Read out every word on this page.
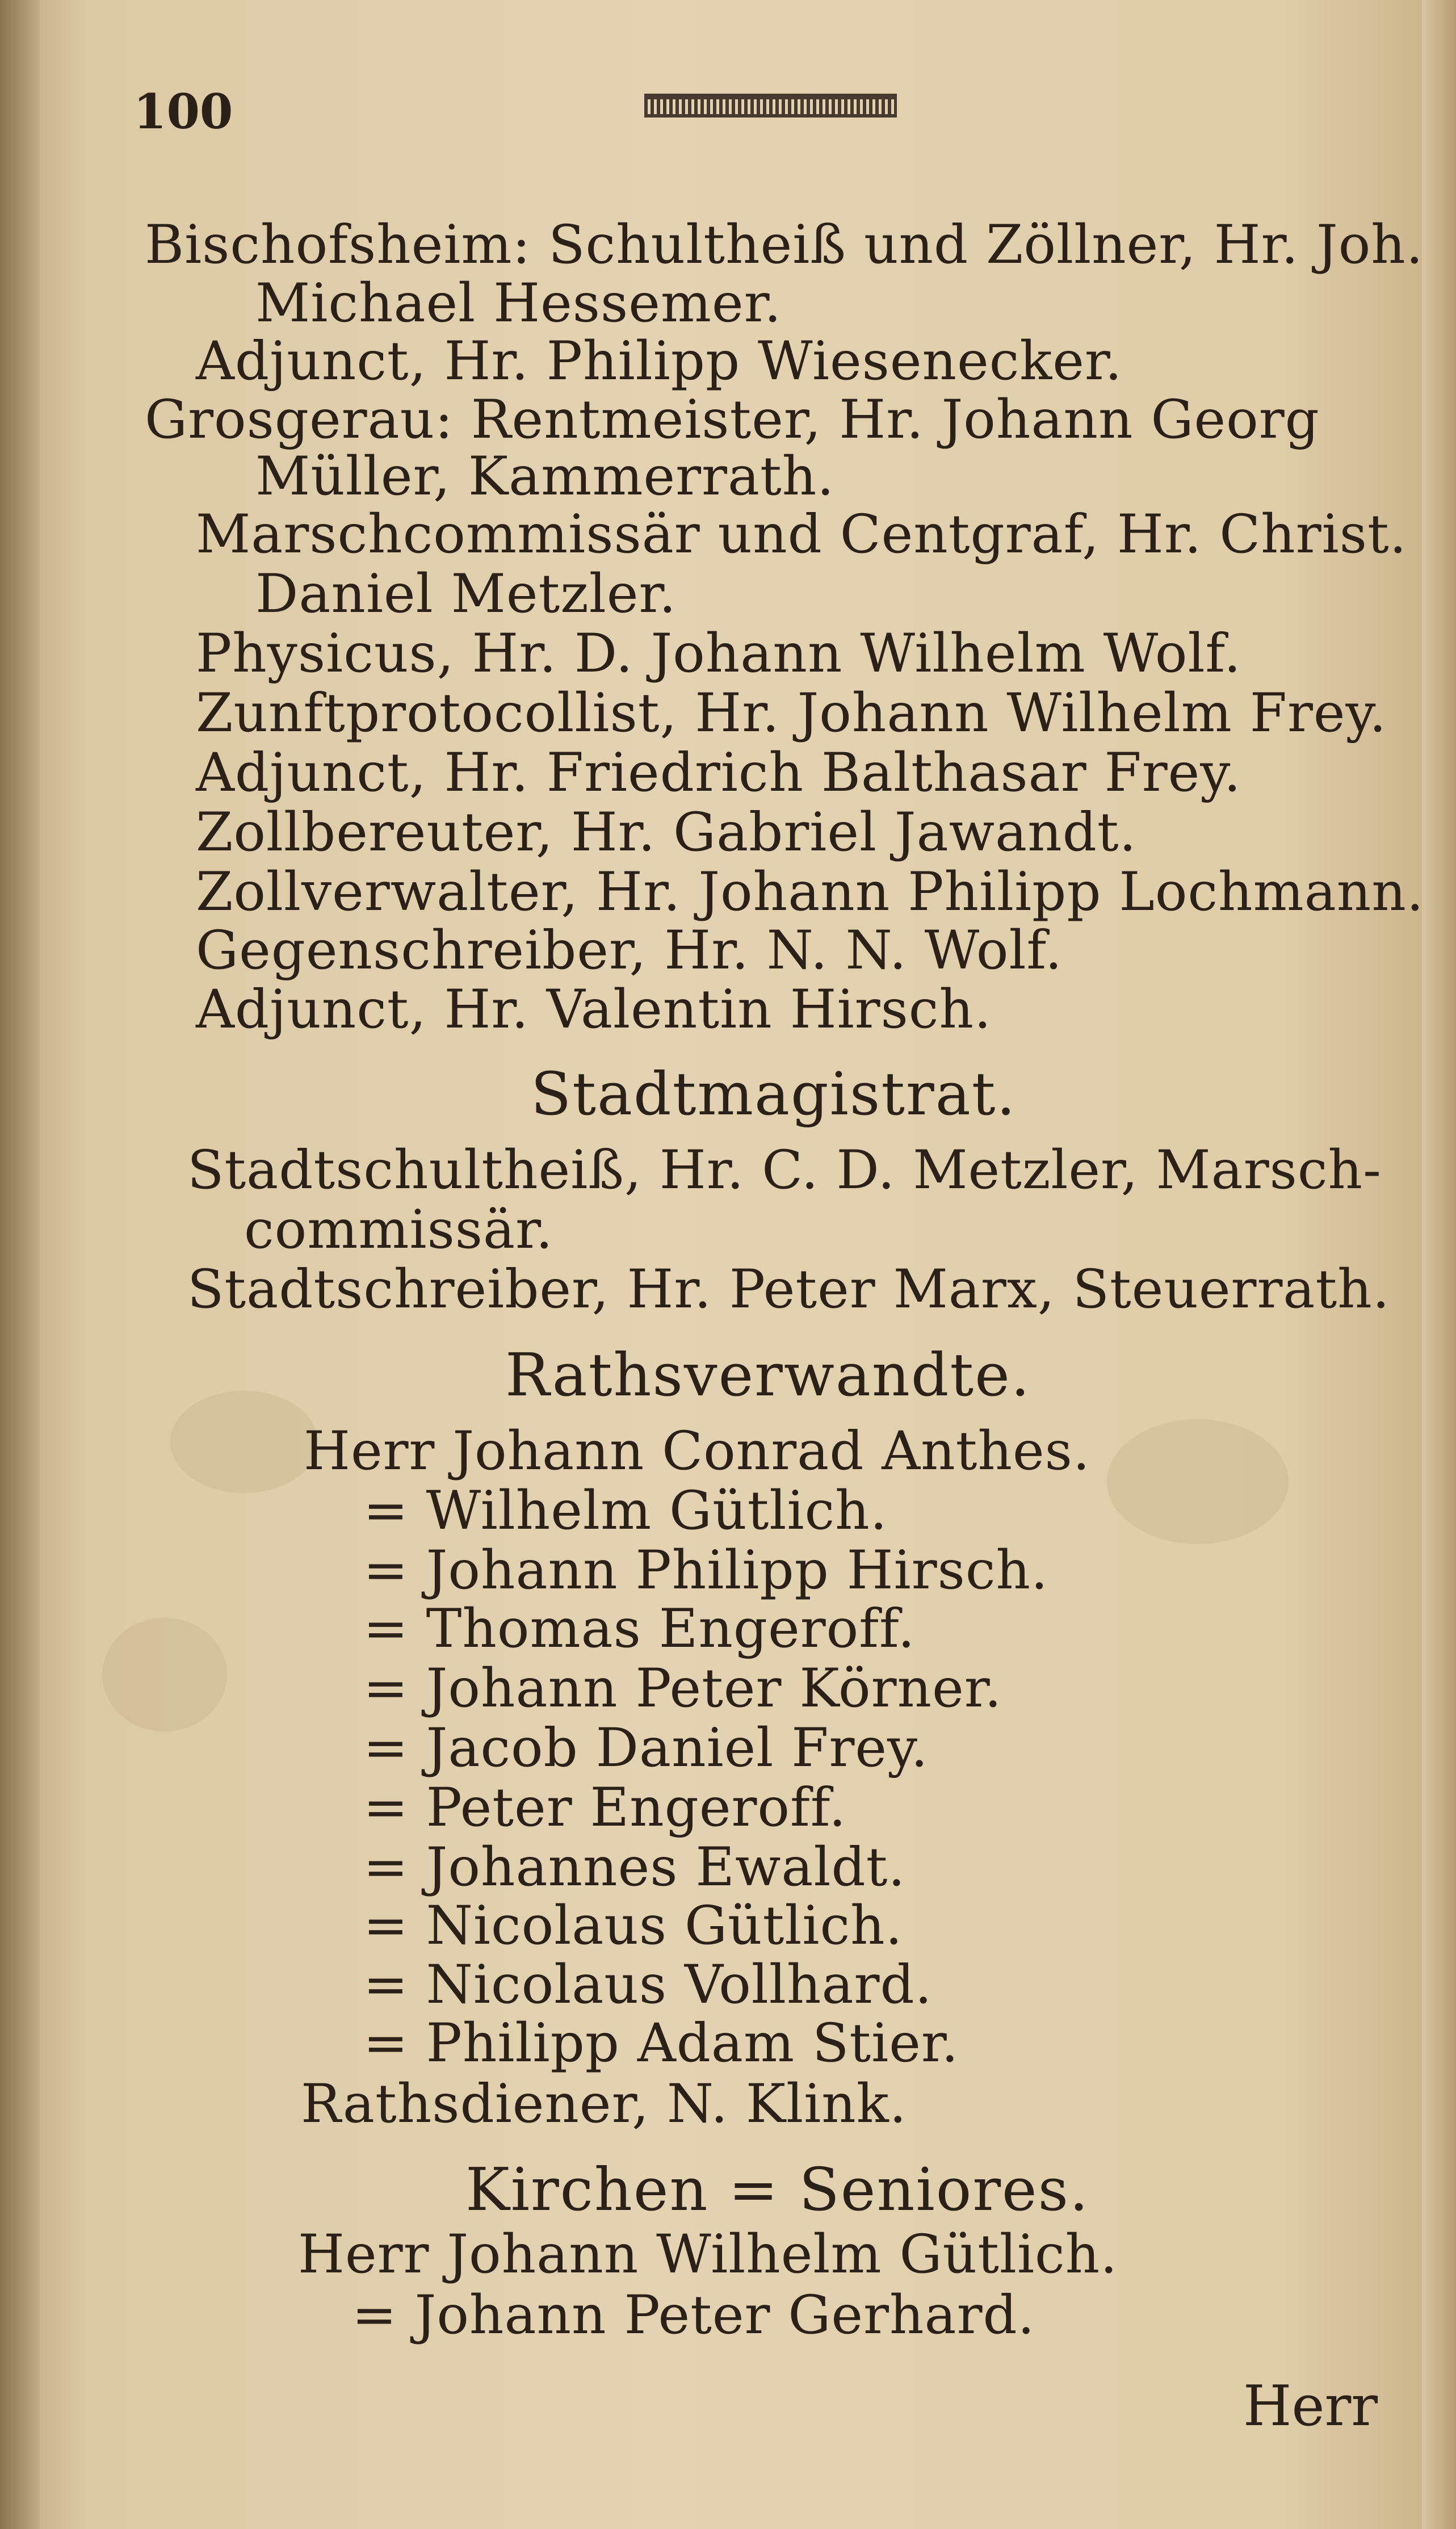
100
Bischofsheim: Schultheiß und Zöllner, Hr. Joh.
Michael Hessemer.
Adjunct, Hr. Philipp Wiesenecker.
Grosgerau: Rentmeister, Hr. Johann Georg
Müller, Kammerrath.
Marschcommissär und Centgraf, Hr. Christ.
Daniel Metzler.
Physicus, Hr. D. Johann Wilhelm Wolf.
Zunftprotocollist, Hr. Johann Wilhelm Frey.
Adjunct, Hr. Friedrich Balthasar Frey.
Zollbereuter, Hr. Gabriel Jawandt.
Zollverwalter, Hr. Johann Philipp Lochmann.
Gegenschreiber, Hr. N. N. Wolf.
Adjunct, Hr. Valentin Hirsch.
Stadtmagistrat.
Stadtschultheiß, Hr. C. D. Metzler, Marsch-
commissär.
Stadtschreiber, Hr. Peter Marx, Steuerrath.
Rathsverwandte.
Herr Johann Conrad Anthes.
= Wilhelm Gütlich.
= Johann Philipp Hirsch.
= Thomas Engeroff.
= Johann Peter Körner.
= Jacob Daniel Frey.
= Peter Engeroff.
= Johannes Ewaldt.
= Nicolaus Gütlich.
= Nicolaus Vollhard.
= Philipp Adam Stier.
Rathsdiener, N. Klink.
Kirchen = Seniores.
Herr Johann Wilhelm Gütlich.
= Johann Peter Gerhard.
Herr
